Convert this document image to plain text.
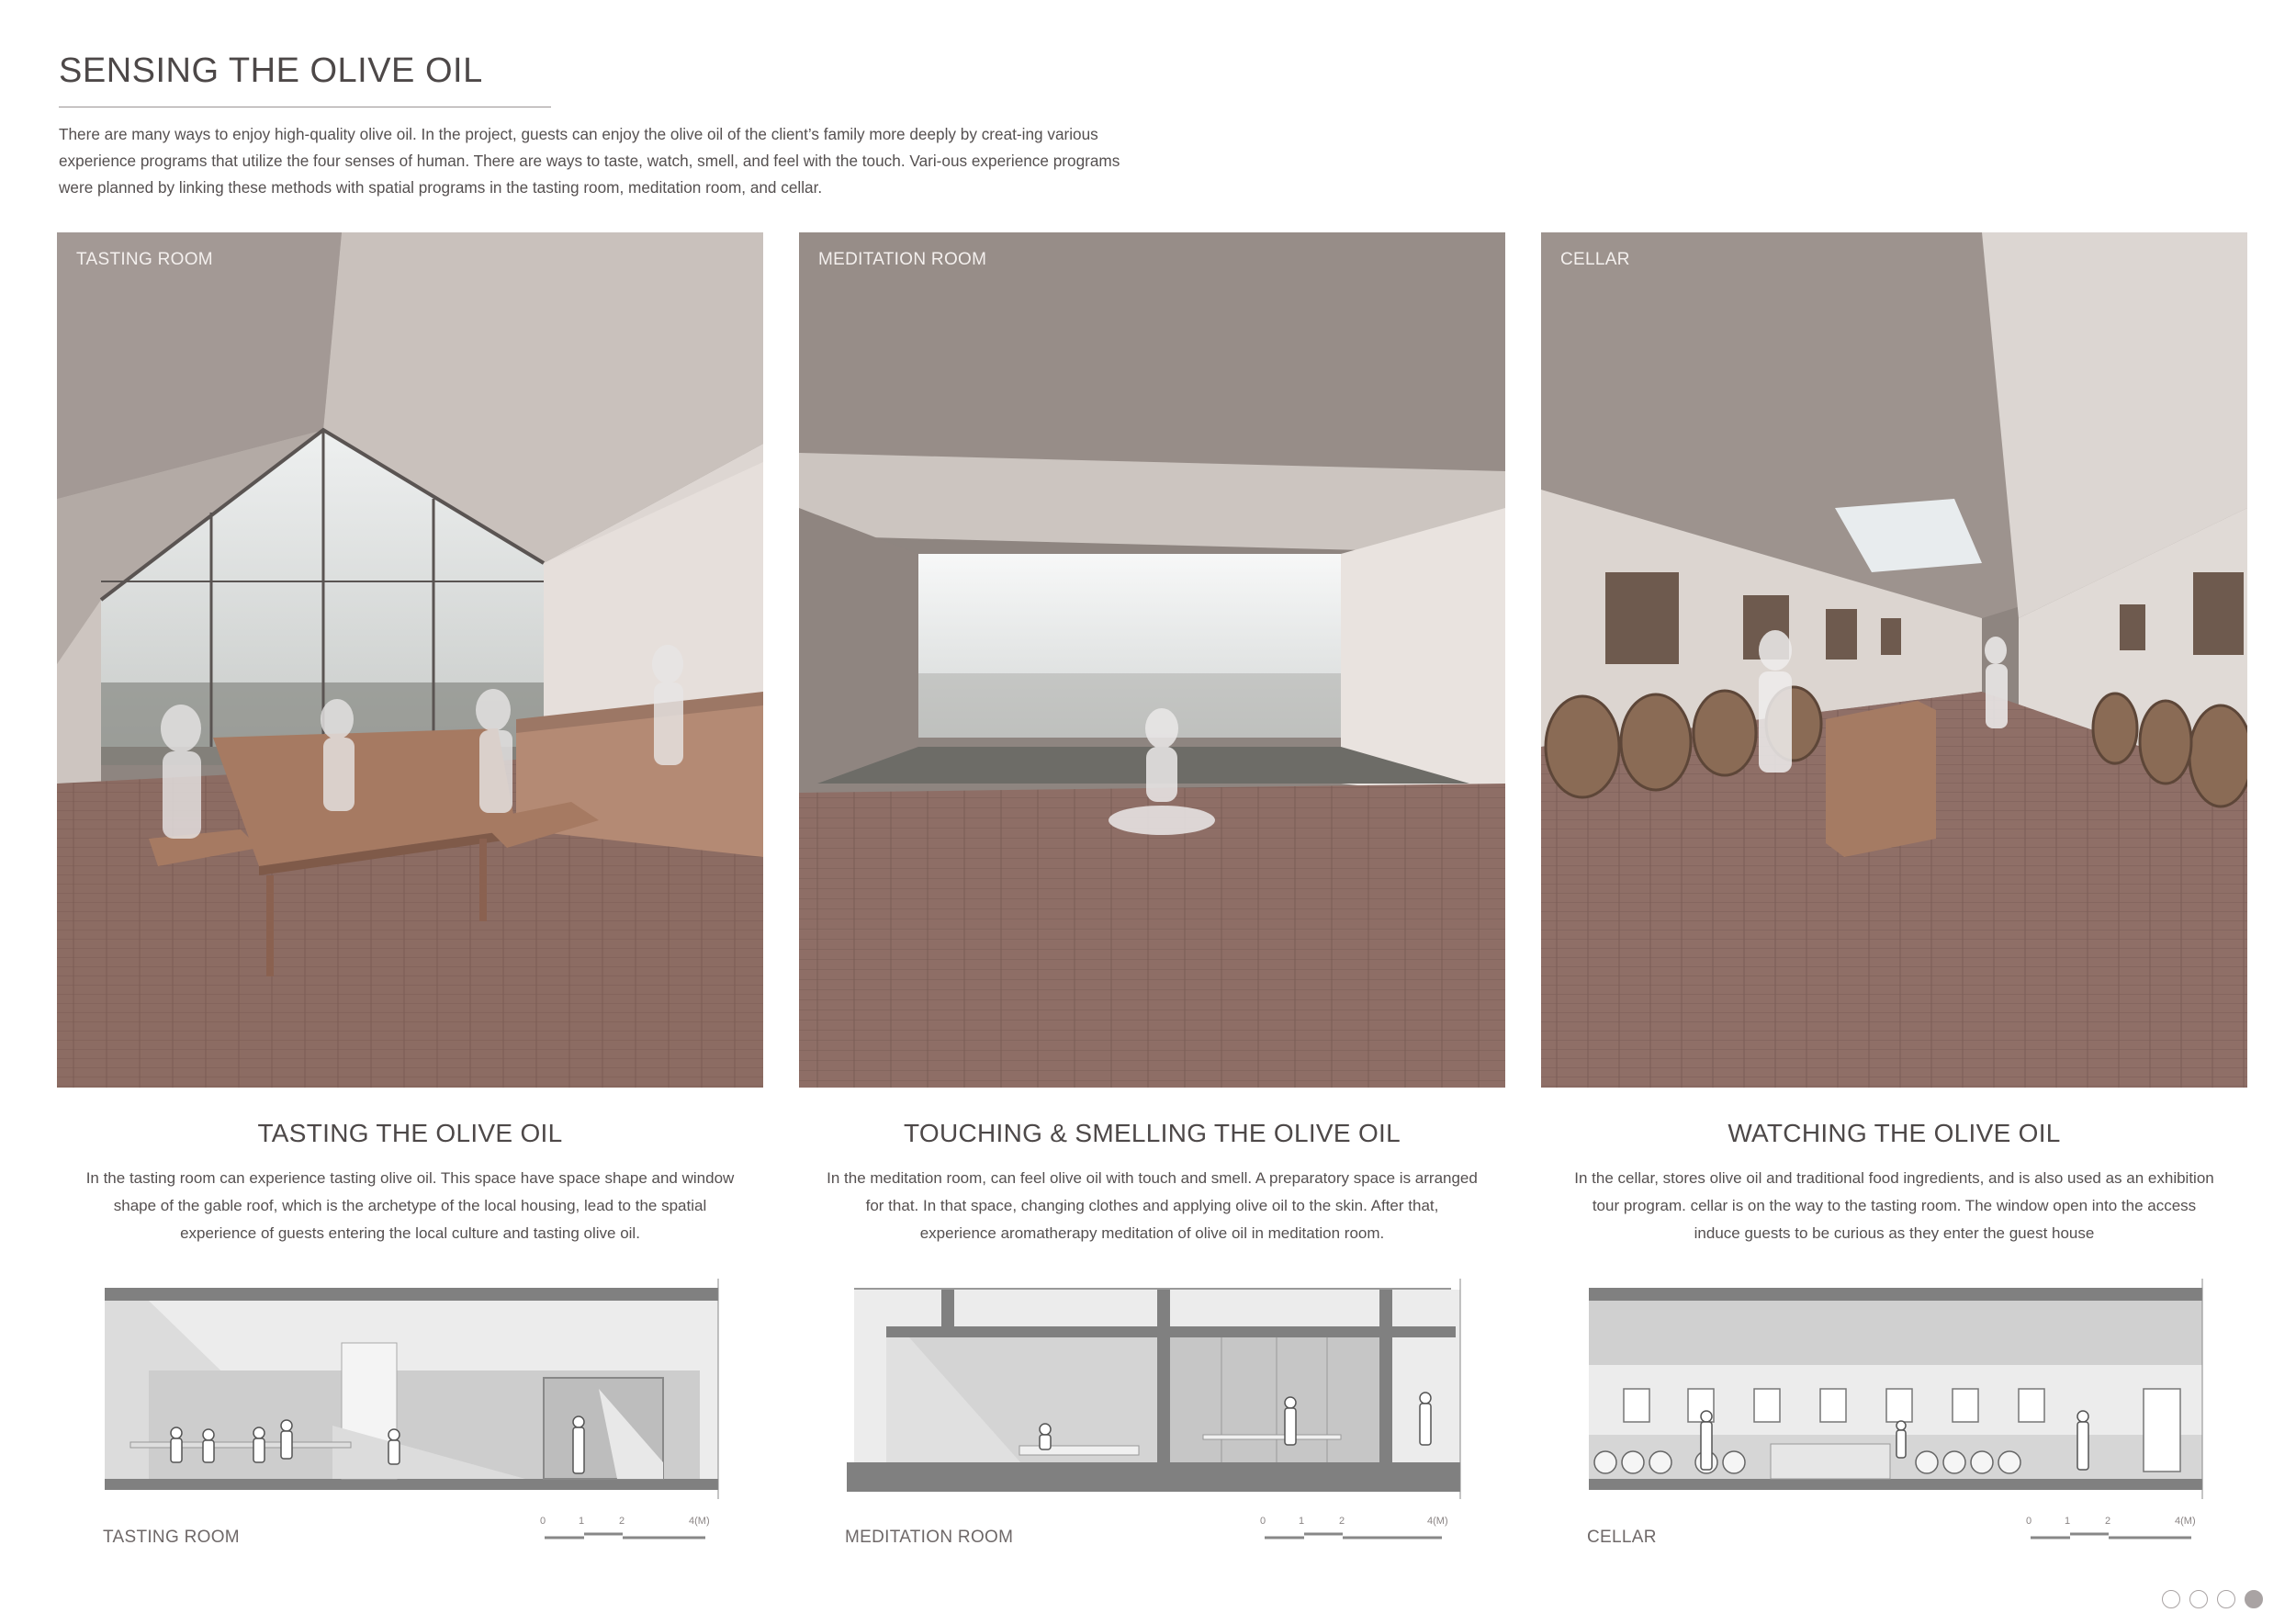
SENSING THE OLIVE OIL

There are many ways to enjoy high-quality olive oil. In the project, guests can enjoy the olive oil of the client’s family more deeply by creat-ing various experience programs that utilize the four senses of human. There are ways to taste, watch, smell, and feel with the touch. Vari-ous experience programs were planned by linking these methods with spatial programs in the tasting room, meditation room, and cellar.

TASTING ROOM	MEDITATION ROOM	CELLAR
TASTING THE OLIVE OIL	TOUCHING & SMELLING THE OLIVE OIL	WATCHING THE OLIVE OIL

In the tasting room can experience tasting olive oil. This space have space shape and window shape of the gable roof, which is the archetype of the local housing, lead to the spatial experience of guests entering the local culture and tasting olive oil.

In the meditation room, can feel olive oil with touch and smell. A preparatory space is arranged for that. In that space, changing clothes and applying olive oil to the skin. After that, experience aromatherapy meditation of olive oil in meditation room.

In the cellar, stores olive oil and traditional food ingredients, and is also used as an exhibition tour program. cellar is on the way to the tasting room. The window open into the access induce guests to be curious as they enter the guest house

TASTING ROOM	MEDITATION ROOM	CELLAR
0	1	2	4(M)	0	1	2	4(M)	0	1	2	4(M)
